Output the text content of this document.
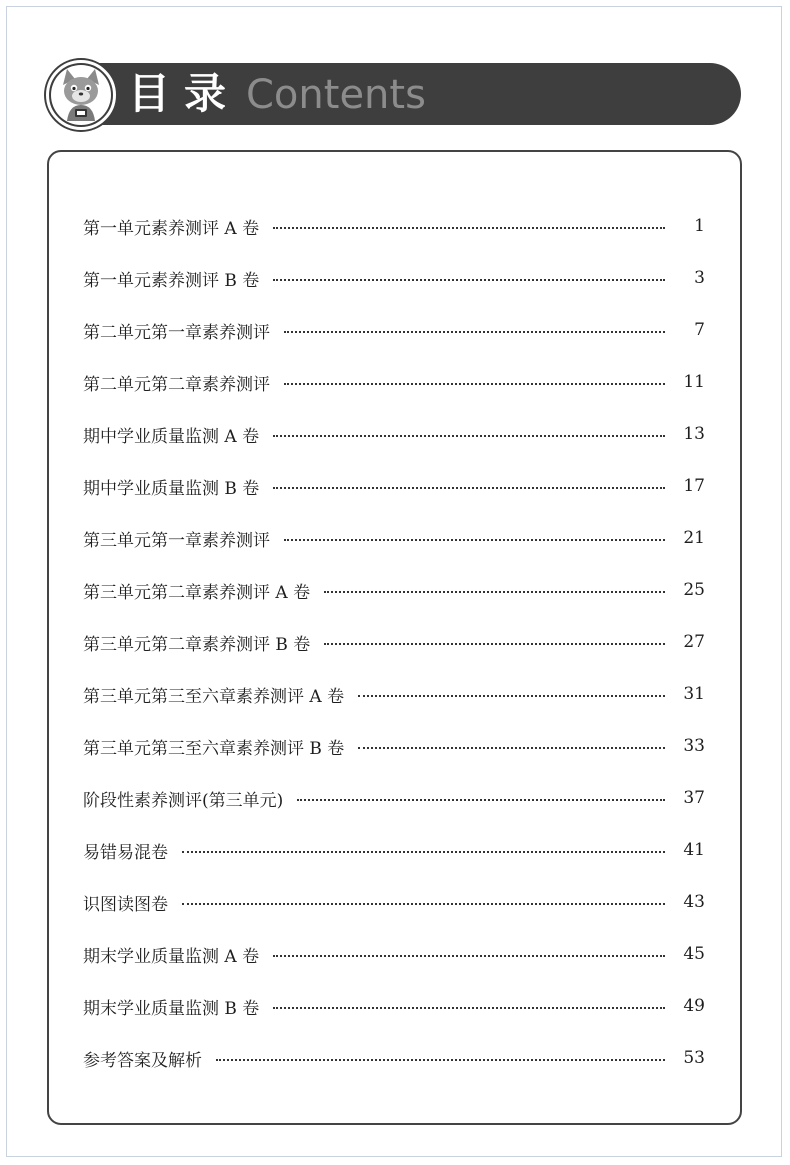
目录 Contents
第一单元素养测评 A 卷	1
第一单元素养测评 B 卷	3
第二单元第一章素养测评	7
第二单元第二章素养测评	11
期中学业质量监测 A 卷	13
期中学业质量监测 B 卷	17
第三单元第一章素养测评	21
第三单元第二章素养测评 A 卷	25
第三单元第二章素养测评 B 卷	27
第三单元第三至六章素养测评 A 卷	31
第三单元第三至六章素养测评 B 卷	33
阶段性素养测评(第三单元)	37
易错易混卷	41
识图读图卷	43
期末学业质量监测 A 卷	45
期末学业质量监测 B 卷	49
参考答案及解析	53
